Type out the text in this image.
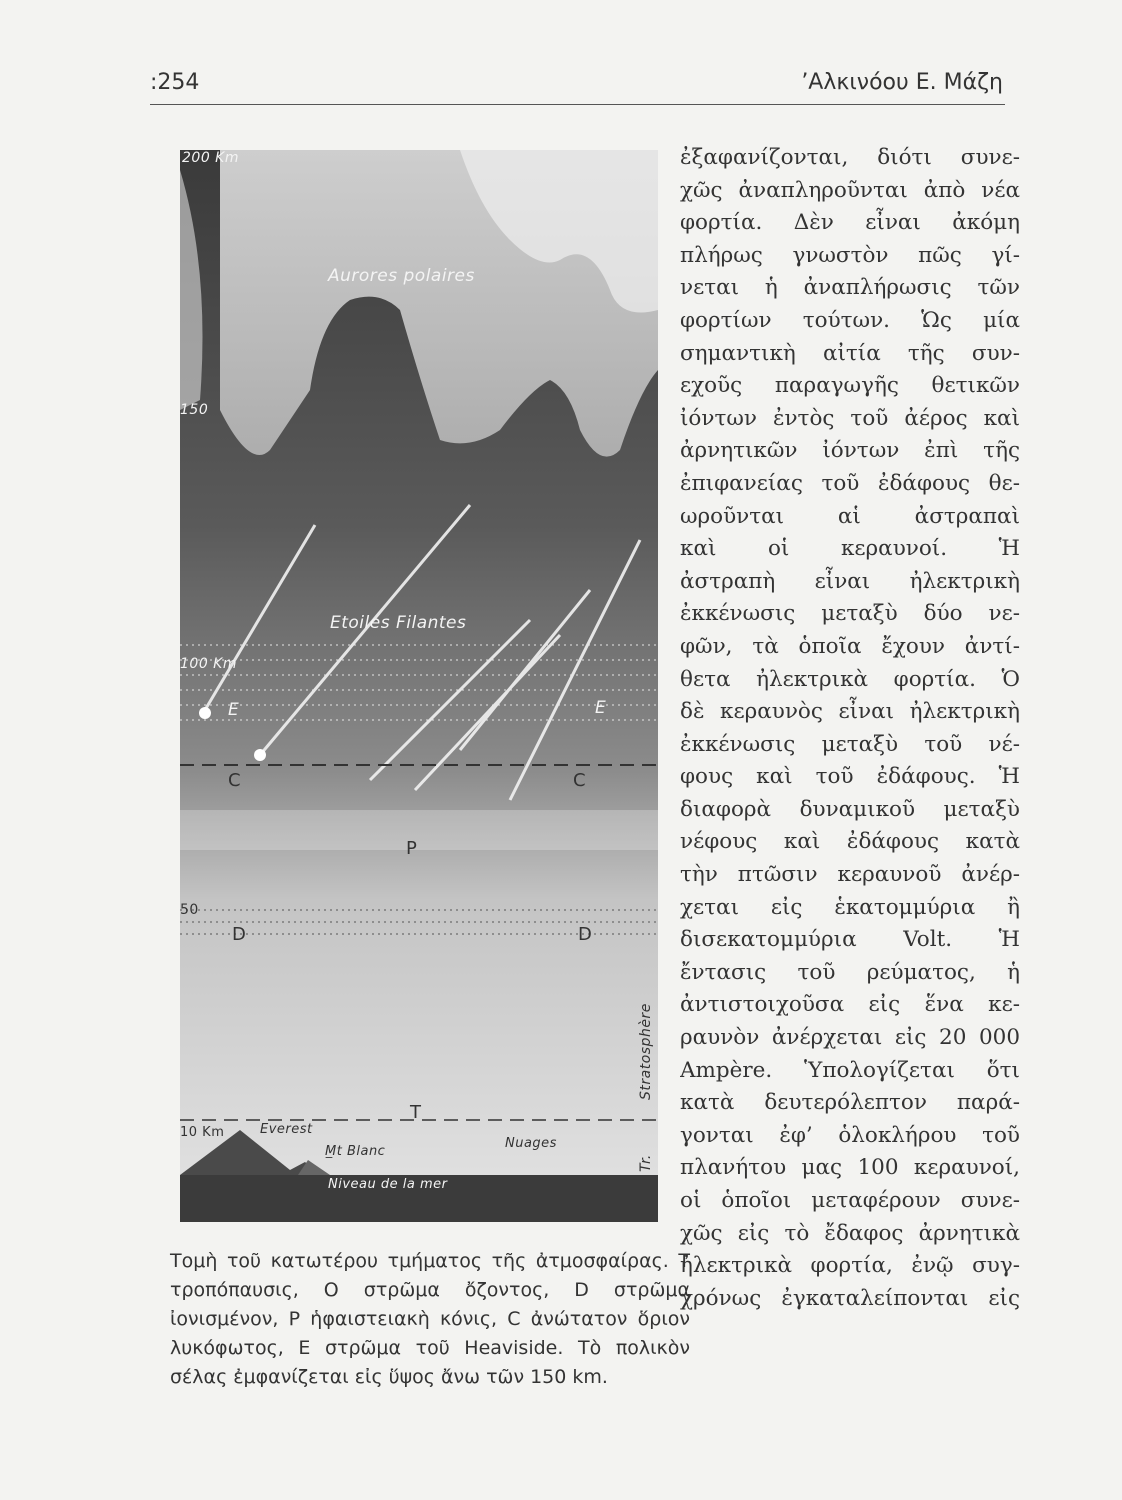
:254	’Αλκινόου Ε. Μάζη
200 Km
150
100 Km
50
10 Km
Aurores polaires
Etoiles Filantes
E	E
C	C
P
D	D
T
Everest
M̲t Blanc
Nuages
Stratosphère
Tr.
Niveau de la mer
Τομὴ τοῦ κατωτέρου τμήματος τῆς ἀτμοσφαίρας. Τ τροπόπαυσις, Ο στρῶμα ὄζοντος, D στρῶμα ἰονισμένον, Ρ ἡφαιστειακὴ κόνις, C ἀνώτατον ὅριον λυκόφωτος, Ε στρῶμα τοῦ Heaviside. Τὸ πολικὸν σέλας ἐμφανίζεται εἰς ὕψος ἄνω τῶν 150 km.
ἐξαφανίζονται, διότι συνε-
χῶς ἀναπληροῦνται ἀπὸ νέα
φορτία. Δὲν εἶναι ἀκόμη
πλήρως γνωστὸν πῶς γί-
νεται ἡ ἀναπλήρωσις τῶν
φορτίων τούτων. Ὡς μία
σημαντικὴ αἰτία τῆς συν-
εχοῦς παραγωγῆς θετικῶν
ἰόντων ἐντὸς τοῦ ἀέρος καὶ
ἀρνητικῶν ἰόντων ἐπὶ τῆς
ἐπιφανείας τοῦ ἐδάφους θε-
ωροῦνται αἱ ἀστραπαὶ
καὶ οἱ κεραυνοί. Ἡ
ἀστραπὴ εἶναι ἠλεκτρικὴ
ἐκκένωσις μεταξὺ δύο νε-
φῶν, τὰ ὁποῖα ἔχουν ἀντί-
θετα ἠλεκτρικὰ φορτία. Ὁ
δὲ κεραυνὸς εἶναι ἠλεκτρικὴ
ἐκκένωσις μεταξὺ τοῦ νέ-
φους καὶ τοῦ ἐδάφους. Ἡ
διαφορὰ δυναμικοῦ μεταξὺ
νέφους καὶ ἐδάφους κατὰ
τὴν πτῶσιν κεραυνοῦ ἀνέρ-
χεται εἰς ἑκατομμύρια ἢ
δισεκατομμύρια Volt. Ἡ
ἔντασις τοῦ ρεύματος, ἡ
ἀντιστοιχοῦσα εἰς ἕνα κε-
ραυνὸν ἀνέρχεται εἰς 20 000
Ampère. Ὑπολογίζεται ὅτι
κατὰ δευτερόλεπτον παρά-
γονται ἐφ’ ὁλοκλήρου τοῦ
πλανήτου μας 100 κεραυνοί,
οἱ ὁποῖοι μεταφέρουν συνε-
χῶς εἰς τὸ ἔδαφος ἀρνητικὰ
ἠλεκτρικὰ φορτία, ἐνῷ συγ-
χρόνως ἐγκαταλείπονται εἰς
